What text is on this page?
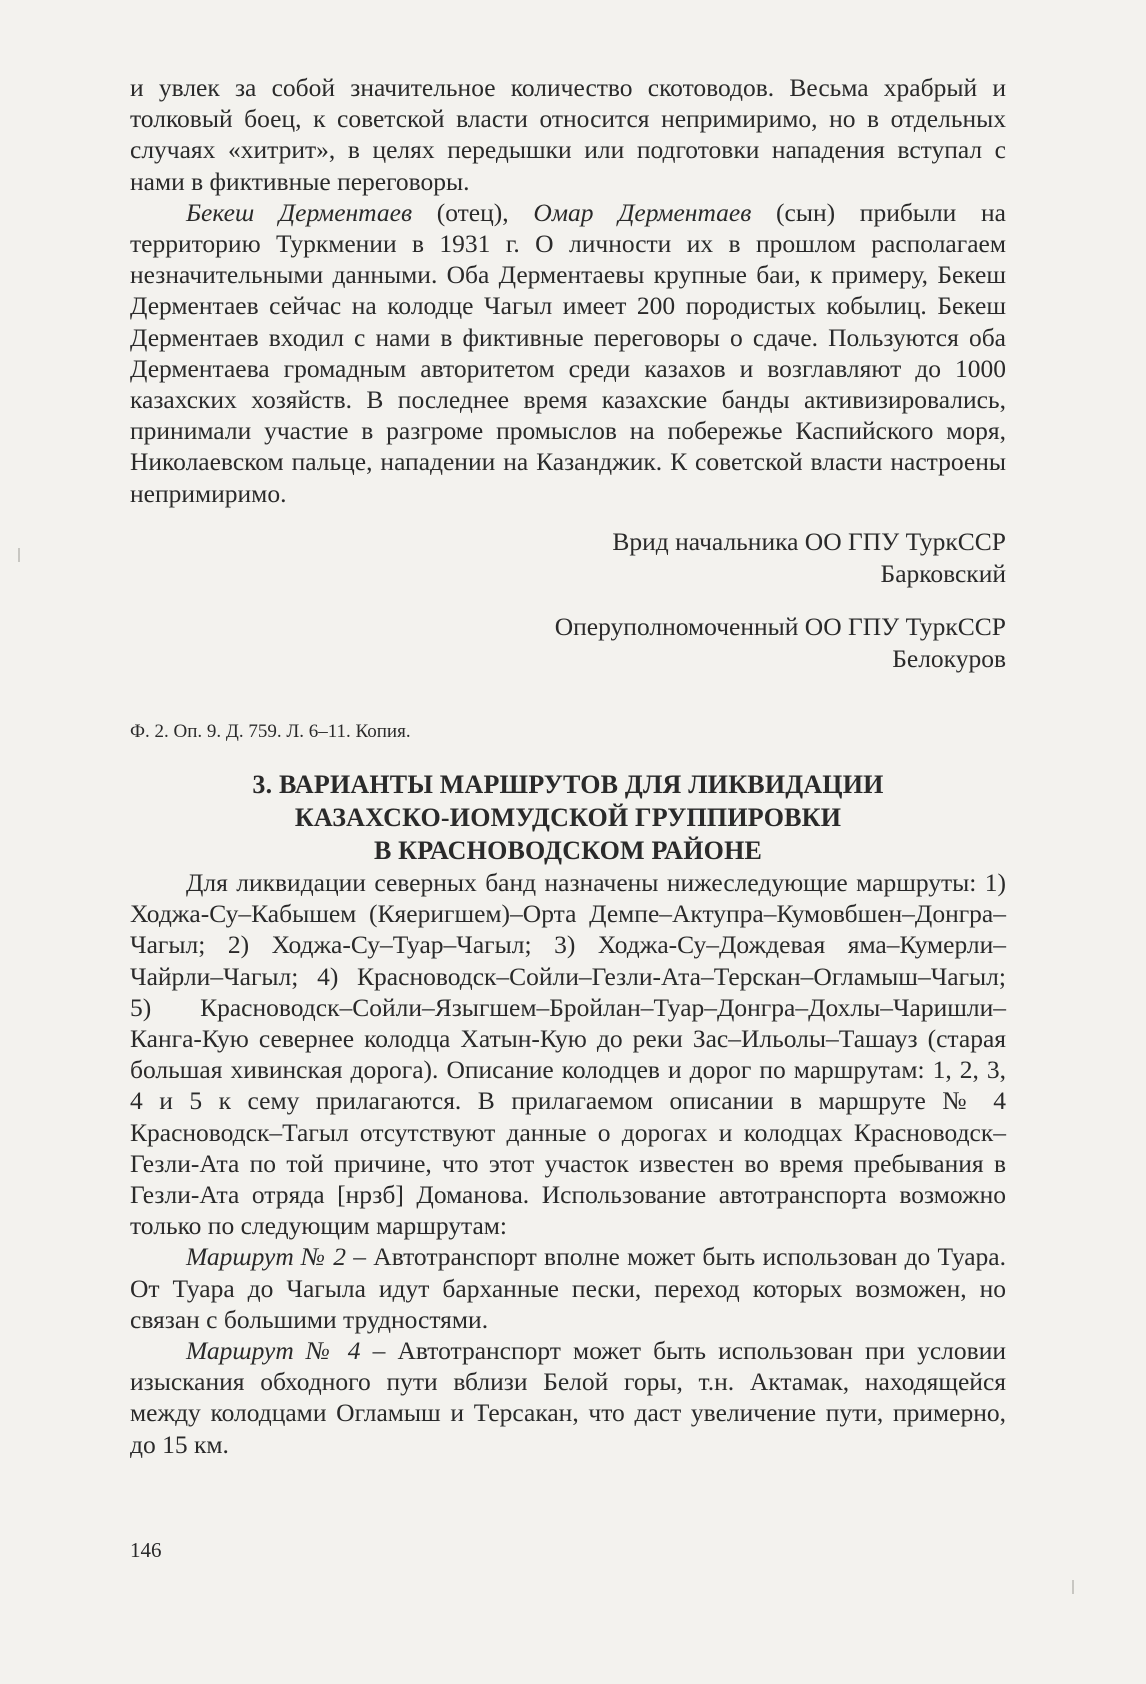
и увлек за собой значительное количество скотоводов. Весьма храбрый и толковый боец, к советской власти относится непримиримо, но в отдельных случаях «хитрит», в целях передышки или подготовки нападения вступал с нами в фиктивные переговоры.

Бекеш Дерментаев (отец), Омар Дерментаев (сын) прибыли на территорию Туркмении в 1931 г. О личности их в прошлом располагаем незначительными данными. Оба Дерментаевы крупные баи, к примеру, Бекеш Дерментаев сейчас на колодце Чагыл имеет 200 породистых кобылиц. Бекеш Дерментаев входил с нами в фиктивные переговоры о сдаче. Пользуются оба Дерментаева громадным авторитетом среди казахов и возглавляют до 1000 казахских хозяйств. В последнее время казахские банды активизировались, принимали участие в разгроме промыслов на побережье Каспийского моря, Николаевском пальце, нападении на Казанджик. К советской власти настроены непримиримо.

Врид начальника ОО ГПУ ТуркССР
Барковский
Оперуполномоченный ОО ГПУ ТуркССР
Белокуров
Ф. 2. Оп. 9. Д. 759. Л. 6–11. Копия.
3. ВАРИАНТЫ МАРШРУТОВ ДЛЯ ЛИКВИДАЦИИ
КАЗАХСКО-ИОМУДСКОЙ ГРУППИРОВКИ
В КРАСНОВОДСКОМ РАЙОНЕ

Для ликвидации северных банд назначены нижеследующие маршруты: 1) Ходжа-Су–Кабышем (Кяеригшем)–Орта Демпе–Актупра–Кумовбшен–Донгра–Чагыл; 2) Ходжа-Су–Туар–Чагыл; 3) Ходжа-Су–Дождевая яма–Кумерли–Чайрли–Чагыл; 4) Красноводск–Сойли–Гезли-Ата–Терскан–Огламыш–Чагыл; 5) Красноводск–Сойли–Языгшем–Бройлан–Туар–Донгра–Дохлы–Чаришли–Канга-Кую севернее колодца Хатын-Кую до реки Зас–Ильолы–Ташауз (старая большая хивинская дорога). Описание колодцев и дорог по маршрутам: 1, 2, 3, 4 и 5 к сему прилагаются. В прилагаемом описании в маршруте № 4 Красноводск–Тагыл отсутствуют данные о дорогах и колодцах Красноводск–Гезли-Ата по той причине, что этот участок известен во время пребывания в Гезли-Ата отряда [нрзб] Доманова. Использование автотранспорта возможно только по следующим маршрутам:

Маршрут № 2 – Автотранспорт вполне может быть использован до Туара. От Туара до Чагыла идут барханные пески, переход которых возможен, но связан с большими трудностями.

Маршрут № 4 – Автотранспорт может быть использован при условии изыскания обходного пути вблизи Белой горы, т.н. Актамак, находящейся между колодцами Огламыш и Терсакан, что даст увеличение пути, примерно, до 15 км.

146
